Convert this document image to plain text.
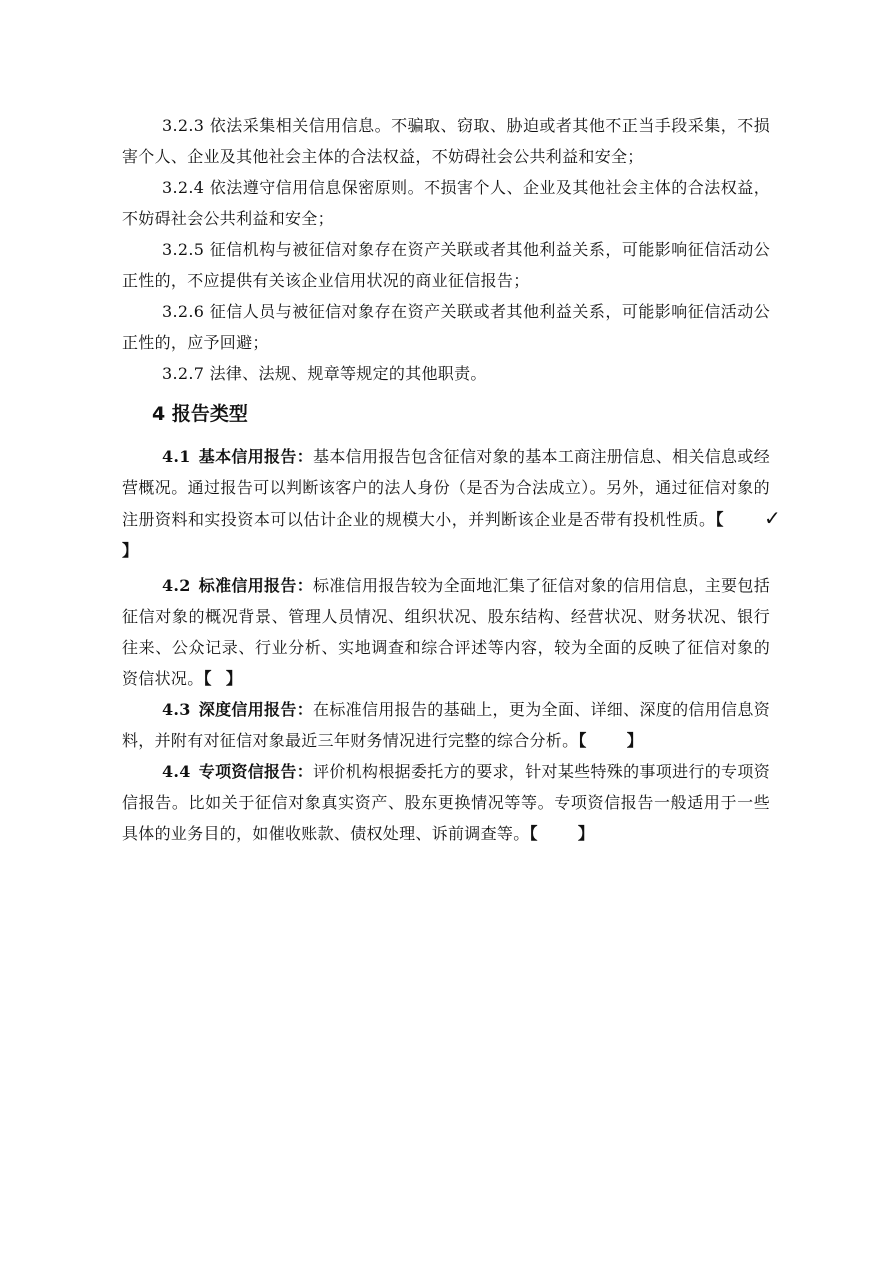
3.2.3 依法采集相关信用信息。不骗取、窃取、胁迫或者其他不正当手段采集，不损害个人、企业及其他社会主体的合法权益，不妨碍社会公共利益和安全；

3.2.4 依法遵守信用信息保密原则。不损害个人、企业及其他社会主体的合法权益，不妨碍社会公共利益和安全；

3.2.5 征信机构与被征信对象存在资产关联或者其他利益关系，可能影响征信活动公正性的，不应提供有关该企业信用状况的商业征信报告；

3.2.6 征信人员与被征信对象存在资产关联或者其他利益关系，可能影响征信活动公正性的，应予回避；

3.2.7 法律、法规、规章等规定的其他职责。

4 报告类型

4.1 基本信用报告：基本信用报告包含征信对象的基本工商注册信息、相关信息或经营概况。通过报告可以判断该客户的法人身份（是否为合法成立）。另外，通过征信对象的注册资料和实投资本可以估计企业的规模大小，并判断该企业是否带有投机性质。【 ✓】

4.2 标准信用报告：标准信用报告较为全面地汇集了征信对象的信用信息，主要包括征信对象的概况背景、管理人员情况、组织状况、股东结构、经营状况、财务状况、银行往来、公众记录、行业分析、实地调查和综合评述等内容，较为全面的反映了征信对象的资信状况。【 】

4.3 深度信用报告：在标准信用报告的基础上，更为全面、详细、深度的信用信息资料，并附有对征信对象最近三年财务情况进行完整的综合分析。【	】

4.4 专项资信报告：评价机构根据委托方的要求，针对某些特殊的事项进行的专项资信报告。比如关于征信对象真实资产、股东更换情况等等。专项资信报告一般适用于一些具体的业务目的，如催收账款、债权处理、诉前调查等。【	】
